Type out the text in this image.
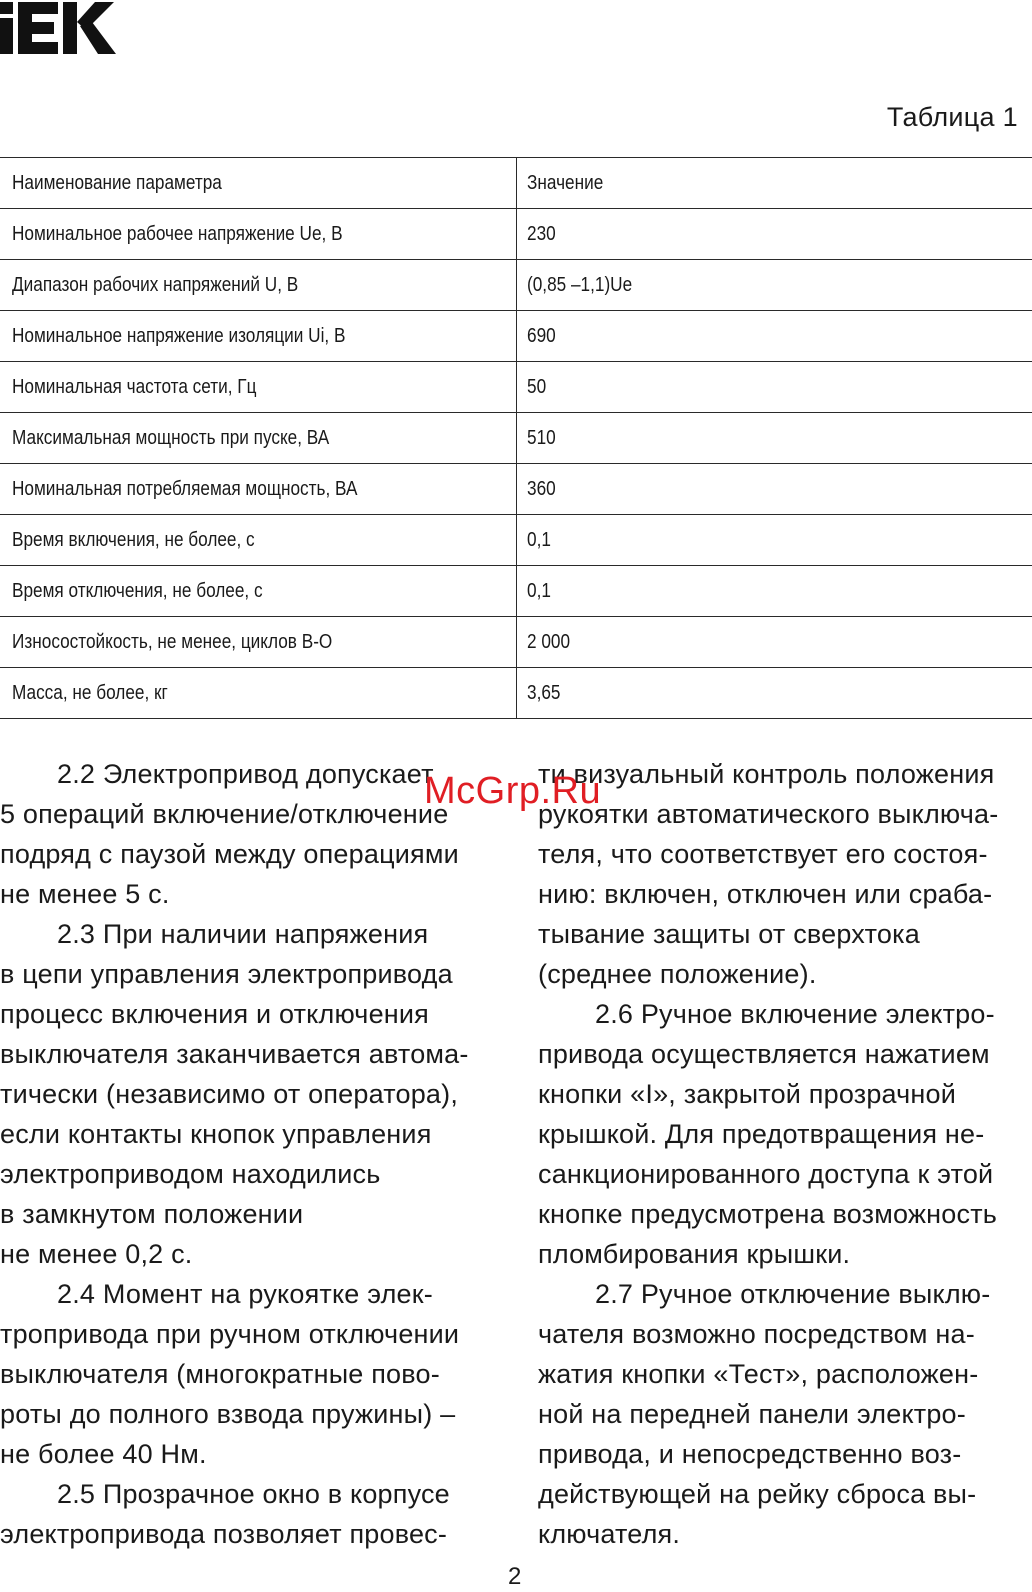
Таблица 1
Наименование параметра	Значение
Номинальное рабочее напряжение Ue, В	230
Диапазон рабочих напряжений U, В	(0,85 –1,1)Ue
Номинальное напряжение изоляции Ui, В	690
Номинальная частота сети, Гц	50
Максимальная мощность при пуске, ВА	510
Номинальная потребляемая мощность, ВА	360
Время включения, не более, с	0,1
Время отключения, не более, с	0,1
Износостойкость, не менее, циклов В-О	2 000
Масса, не более, кг	3,65
2.2 Электропривод допускает
5 операций включение/отключение
подряд с паузой между операциями
не менее 5 с.
2.3 При наличии напряжения
в цепи управления электропривода
процесс включения и отключения
выключателя заканчивается автома-
тически (независимо от оператора),
если контакты кнопок управления
электроприводом находились
в замкнутом положении
не менее 0,2 с.
2.4 Момент на рукоятке элек-
тропривода при ручном отключении
выключателя (многократные пово-
роты до полного взвода пружины) –
не более 40 Нм.
2.5 Прозрачное окно в корпусе
электропривода позволяет провес-
ти визуальный контроль положения
рукоятки автоматического выключа-
теля, что соответствует его состоя-
нию: включен, отключен или сраба-
тывание защиты от сверхтока
(среднее положение).
2.6 Ручное включение электро-
привода осуществляется нажатием
кнопки «I», закрытой прозрачной
крышкой. Для предотвращения не-
санкционированного доступа к этой
кнопке предусмотрена возможность
пломбирования крышки.
2.7 Ручное отключение выклю-
чателя возможно посредством на-
жатия кнопки «Тест», расположен-
ной на передней панели электро-
привода, и непосредственно воз-
действующей на рейку сброса вы-
ключателя.
McGrp.Ru
2
